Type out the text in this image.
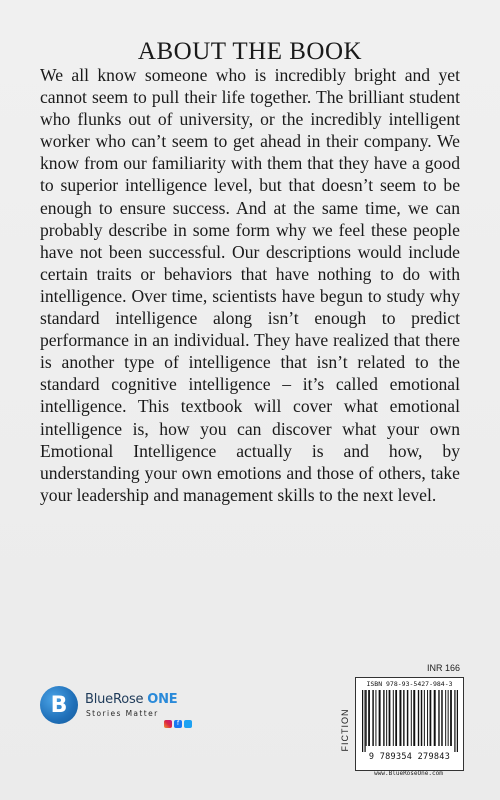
ABOUT THE BOOK

We all know someone who is incredibly bright and yet cannot seem to pull their life together. The brilliant student who flunks out of university, or the incredibly intelligent worker who can’t seem to get ahead in their company. We know from our familiarity with them that they have a good to superior intelligence level, but that doesn’t seem to be enough to ensure success. And at the same time, we can probably describe in some form why we feel these people have not been successful. Our descriptions would include certain traits or behaviors that have nothing to do with intelligence. Over time, scientists have begun to study why standard intelligence along isn’t enough to predict performance in an individual. They have realized that there is another type of intelligence that isn’t related to the standard cognitive intelligence – it’s called emotional intelligence. This textbook will cover what emotional intelligence is, how you can discover what your own Emotional Intelligence actually is and how, by understanding your own emotions and those of others, take your leadership and management skills to the next level.

B	BlueRose ONE
Stories Matter
f
INR 166
FICTION
ISBN 978-93-5427-984-3
9 789354 279843
www.BlueRoseOne.com
